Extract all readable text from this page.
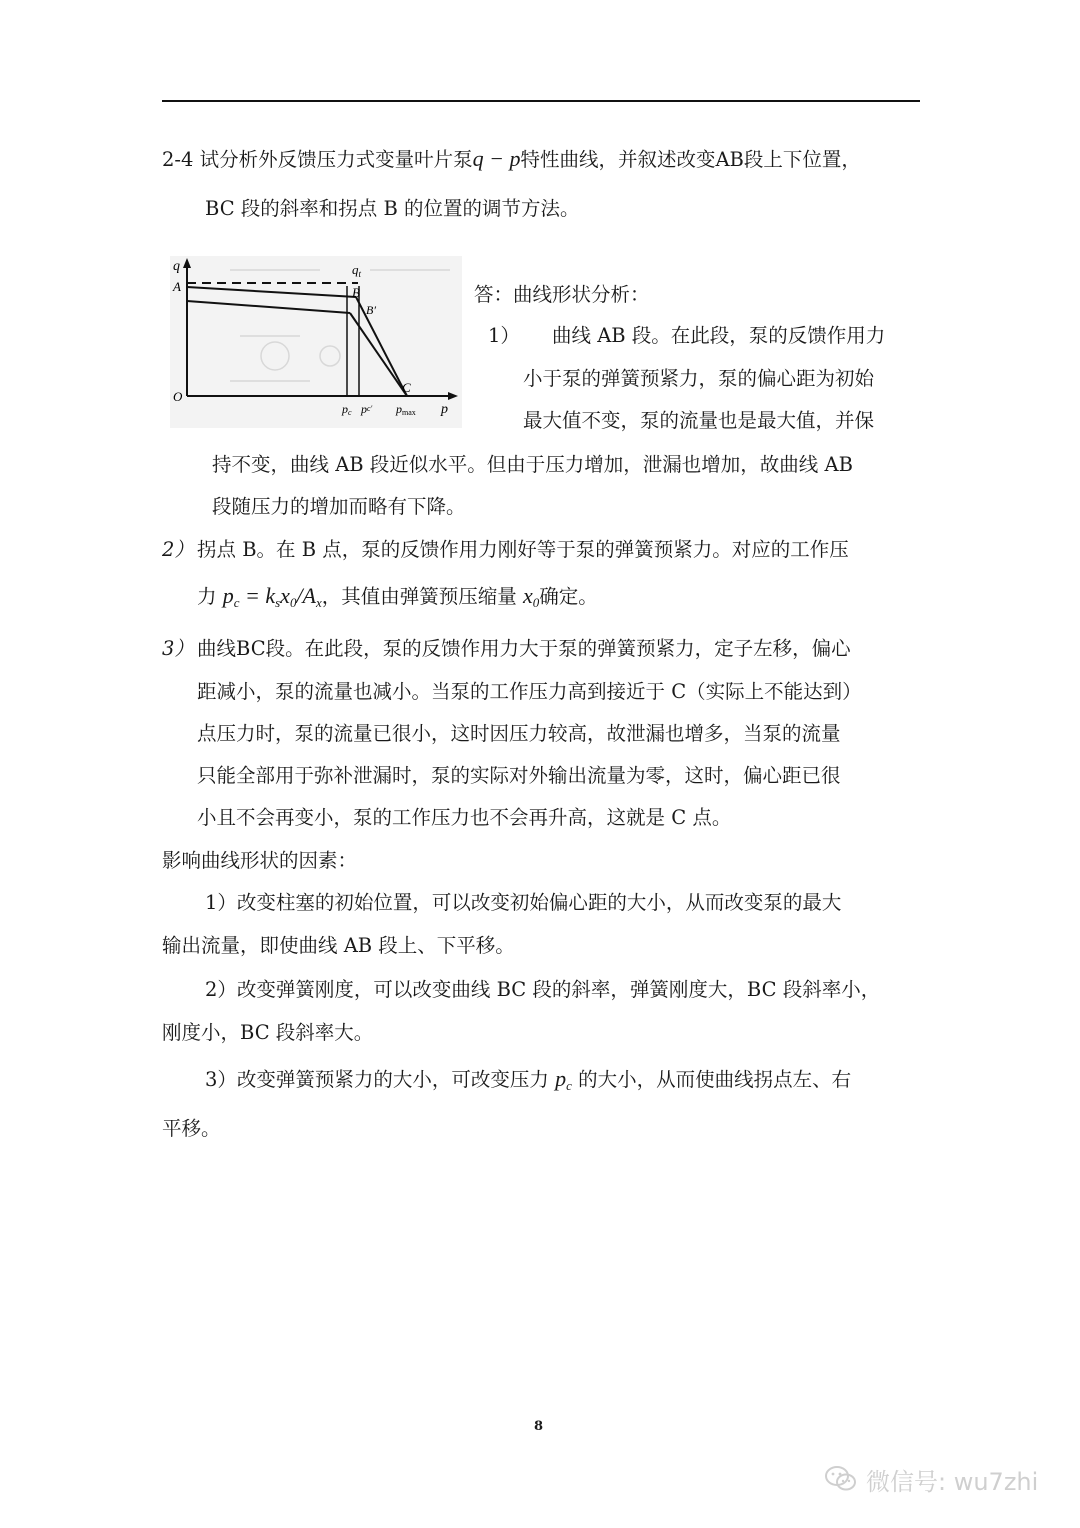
2-4 试分析外反馈压力式变量叶片泵q − p特性曲线，并叙述改变AB段上下位置，
BC 段的斜率和拐点 B 的位置的调节方法。
q
A
$q_t$
B
B′
C
O
p
pc pc′ pmax
答：曲线形状分析：
1） 曲线 AB 段。在此段，泵的反馈作用力
小于泵的弹簧预紧力，泵的偏心距为初始
最大值不变，泵的流量也是最大值，并保
持不变，曲线 AB 段近似水平。但由于压力增加，泄漏也增加，故曲线 AB
段随压力的增加而略有下降。
2） 拐点 B。在 B 点，泵的反馈作用力刚好等于泵的弹簧预紧力。对应的工作压
力 $p_c = k_sx_0/A_x$，其值由弹簧预压缩量 $x_0$确定。
3） 曲线BC段。在此段，泵的反馈作用力大于泵的弹簧预紧力，定子左移，偏心
距减小，泵的流量也减小。当泵的工作压力高到接近于 C（实际上不能达到）
点压力时，泵的流量已很小，这时因压力较高，故泄漏也增多，当泵的流量
只能全部用于弥补泄漏时，泵的实际对外输出流量为零，这时，偏心距已很
小且不会再变小，泵的工作压力也不会再升高，这就是 C 点。
影响曲线形状的因素：
1）改变柱塞的初始位置，可以改变初始偏心距的大小，从而改变泵的最大
输出流量，即使曲线 AB 段上、下平移。
2）改变弹簧刚度，可以改变曲线 BC 段的斜率，弹簧刚度大，BC 段斜率小，
刚度小，BC 段斜率大。
3）改变弹簧预紧力的大小，可改变压力 $p_c$ 的大小，从而使曲线拐点左、右
平移。
8
微信号: wu7zhi
